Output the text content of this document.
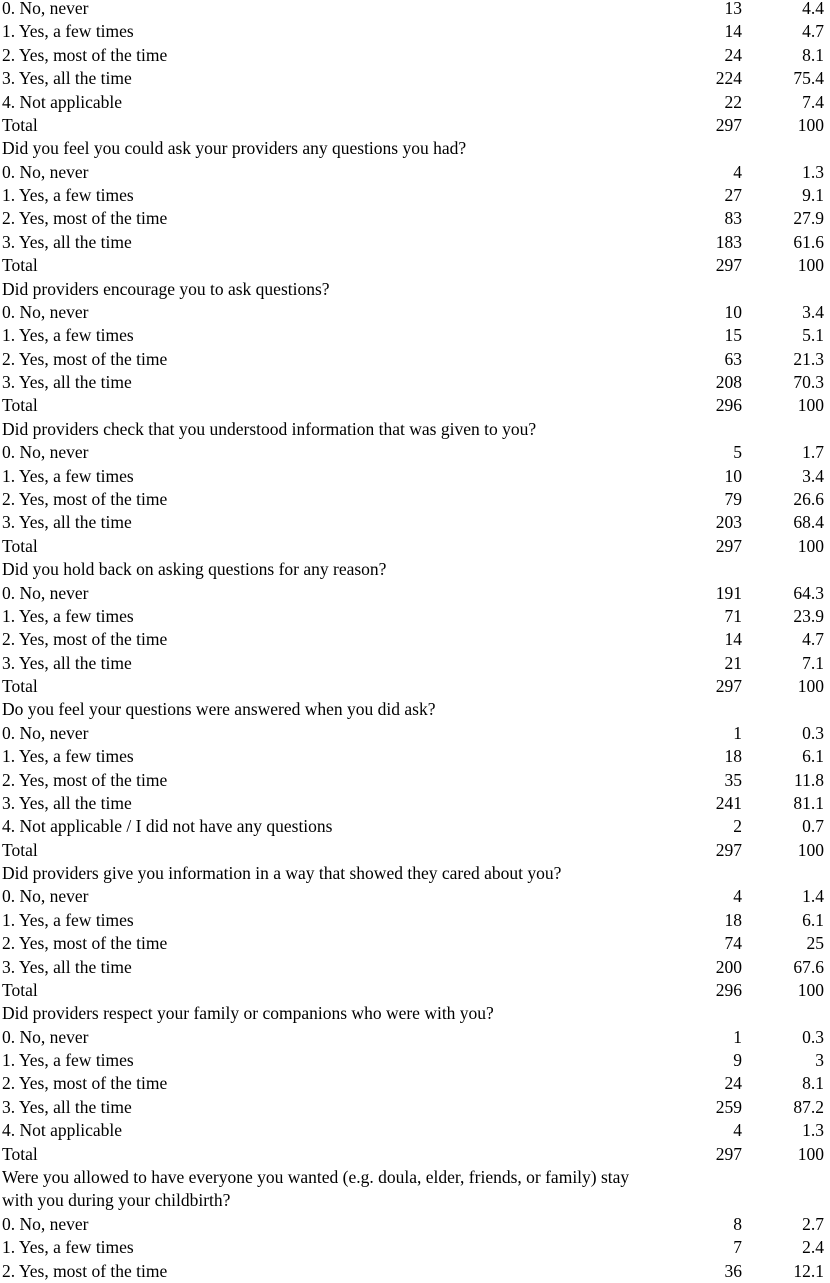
0. No, never	13	4.4
1. Yes, a few times	14	4.7
2. Yes, most of the time	24	8.1
3. Yes, all the time	224	75.4
4. Not applicable	22	7.4
Total	297	100
Did you feel you could ask your providers any questions you had?
0. No, never	4	1.3
1. Yes, a few times	27	9.1
2. Yes, most of the time	83	27.9
3. Yes, all the time	183	61.6
Total	297	100
Did providers encourage you to ask questions?
0. No, never	10	3.4
1. Yes, a few times	15	5.1
2. Yes, most of the time	63	21.3
3. Yes, all the time	208	70.3
Total	296	100
Did providers check that you understood information that was given to you?
0. No, never	5	1.7
1. Yes, a few times	10	3.4
2. Yes, most of the time	79	26.6
3. Yes, all the time	203	68.4
Total	297	100
Did you hold back on asking questions for any reason?
0. No, never	191	64.3
1. Yes, a few times	71	23.9
2. Yes, most of the time	14	4.7
3. Yes, all the time	21	7.1
Total	297	100
Do you feel your questions were answered when you did ask?
0. No, never	1	0.3
1. Yes, a few times	18	6.1
2. Yes, most of the time	35	11.8
3. Yes, all the time	241	81.1
4. Not applicable / I did not have any questions	2	0.7
Total	297	100
Did providers give you information in a way that showed they cared about you?
0. No, never	4	1.4
1. Yes, a few times	18	6.1
2. Yes, most of the time	74	25
3. Yes, all the time	200	67.6
Total	296	100
Did providers respect your family or companions who were with you?
0. No, never	1	0.3
1. Yes, a few times	9	3
2. Yes, most of the time	24	8.1
3. Yes, all the time	259	87.2
4. Not applicable	4	1.3
Total	297	100
Were you allowed to have everyone you wanted (e.g. doula, elder, friends, or family) stay with you during your childbirth?
0. No, never	8	2.7
1. Yes, a few times	7	2.4
2. Yes, most of the time	36	12.1
